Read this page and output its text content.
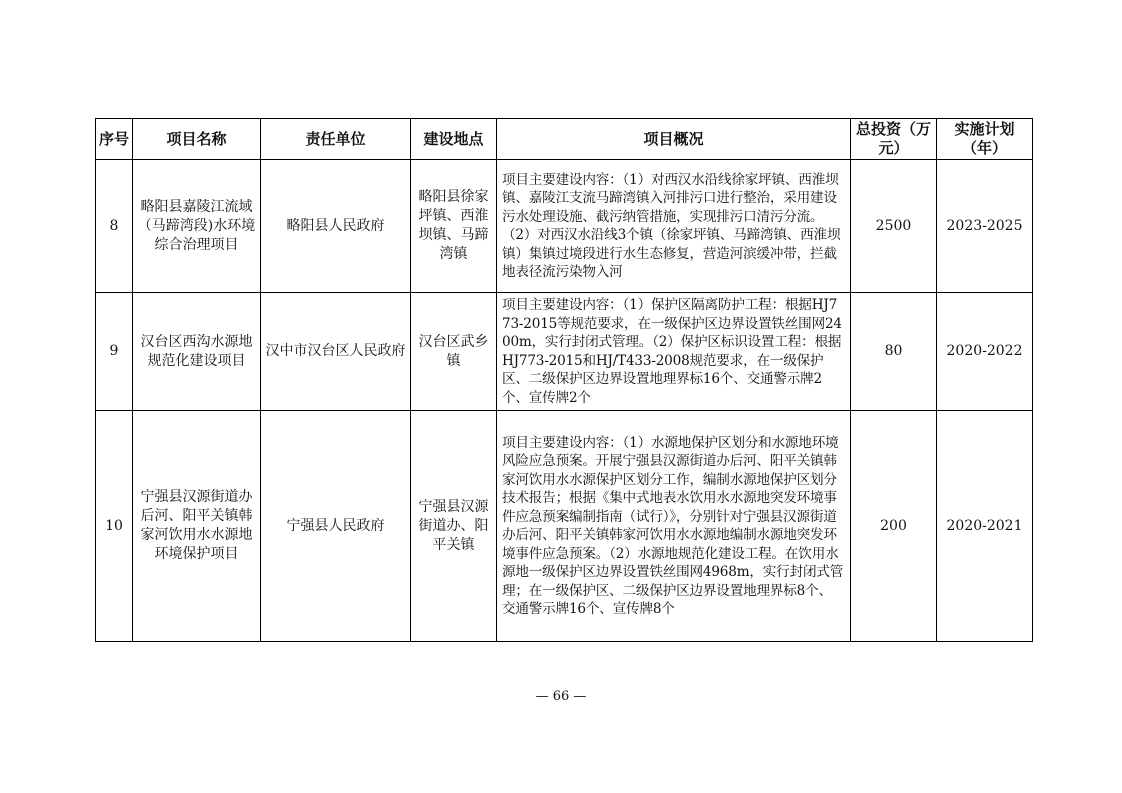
序号	项目名称	责任单位	建设地点	项目概况	总投资（万元）	实施计划（年）
8	略阳县嘉陵江流域（马蹄湾段)水环境综合治理项目	略阳县人民政府	略阳县徐家坪镇、西淮坝镇、马蹄湾镇	项目主要建设内容：（1）对西汉水沿线徐家坪镇、西淮坝镇、嘉陵江支流马蹄湾镇入河排污口进行整治，采用建设污水处理设施、截污纳管措施，实现排污口清污分流。（2）对西汉水沿线3个镇（徐家坪镇、马蹄湾镇、西淮坝镇）集镇过境段进行水生态修复，营造河滨缓冲带，拦截地表径流污染物入河	2500	2023-2025
9	汉台区西沟水源地规范化建设项目	汉中市汉台区人民政府	汉台区武乡镇	项目主要建设内容：（1）保护区隔离防护工程：根据HJ773-2015等规范要求，在一级保护区边界设置铁丝围网2400m，实行封闭式管理。（2）保护区标识设置工程：根据HJ773-2015和HJ/T433-2008规范要求，在一级保护区、二级保护区边界设置地理界标16个、交通警示牌2个、宣传牌2个	80	2020-2022
10	宁强县汉源街道办后河、阳平关镇韩家河饮用水水源地环境保护项目	宁强县人民政府	宁强县汉源街道办、阳平关镇	项目主要建设内容：（1）水源地保护区划分和水源地环境风险应急预案。开展宁强县汉源街道办后河、阳平关镇韩家河饮用水水源保护区划分工作，编制水源地保护区划分技术报告；根据《集中式地表水饮用水水源地突发环境事件应急预案编制指南（试行）》，分别针对宁强县汉源街道办后河、阳平关镇韩家河饮用水水源地编制水源地突发环境事件应急预案。（2）水源地规范化建设工程。在饮用水源地一级保护区边界设置铁丝围网4968m，实行封闭式管理；在一级保护区、二级保护区边界设置地理界标8个、交通警示牌16个、宣传牌8个	200	2020-2021
— 66 —
